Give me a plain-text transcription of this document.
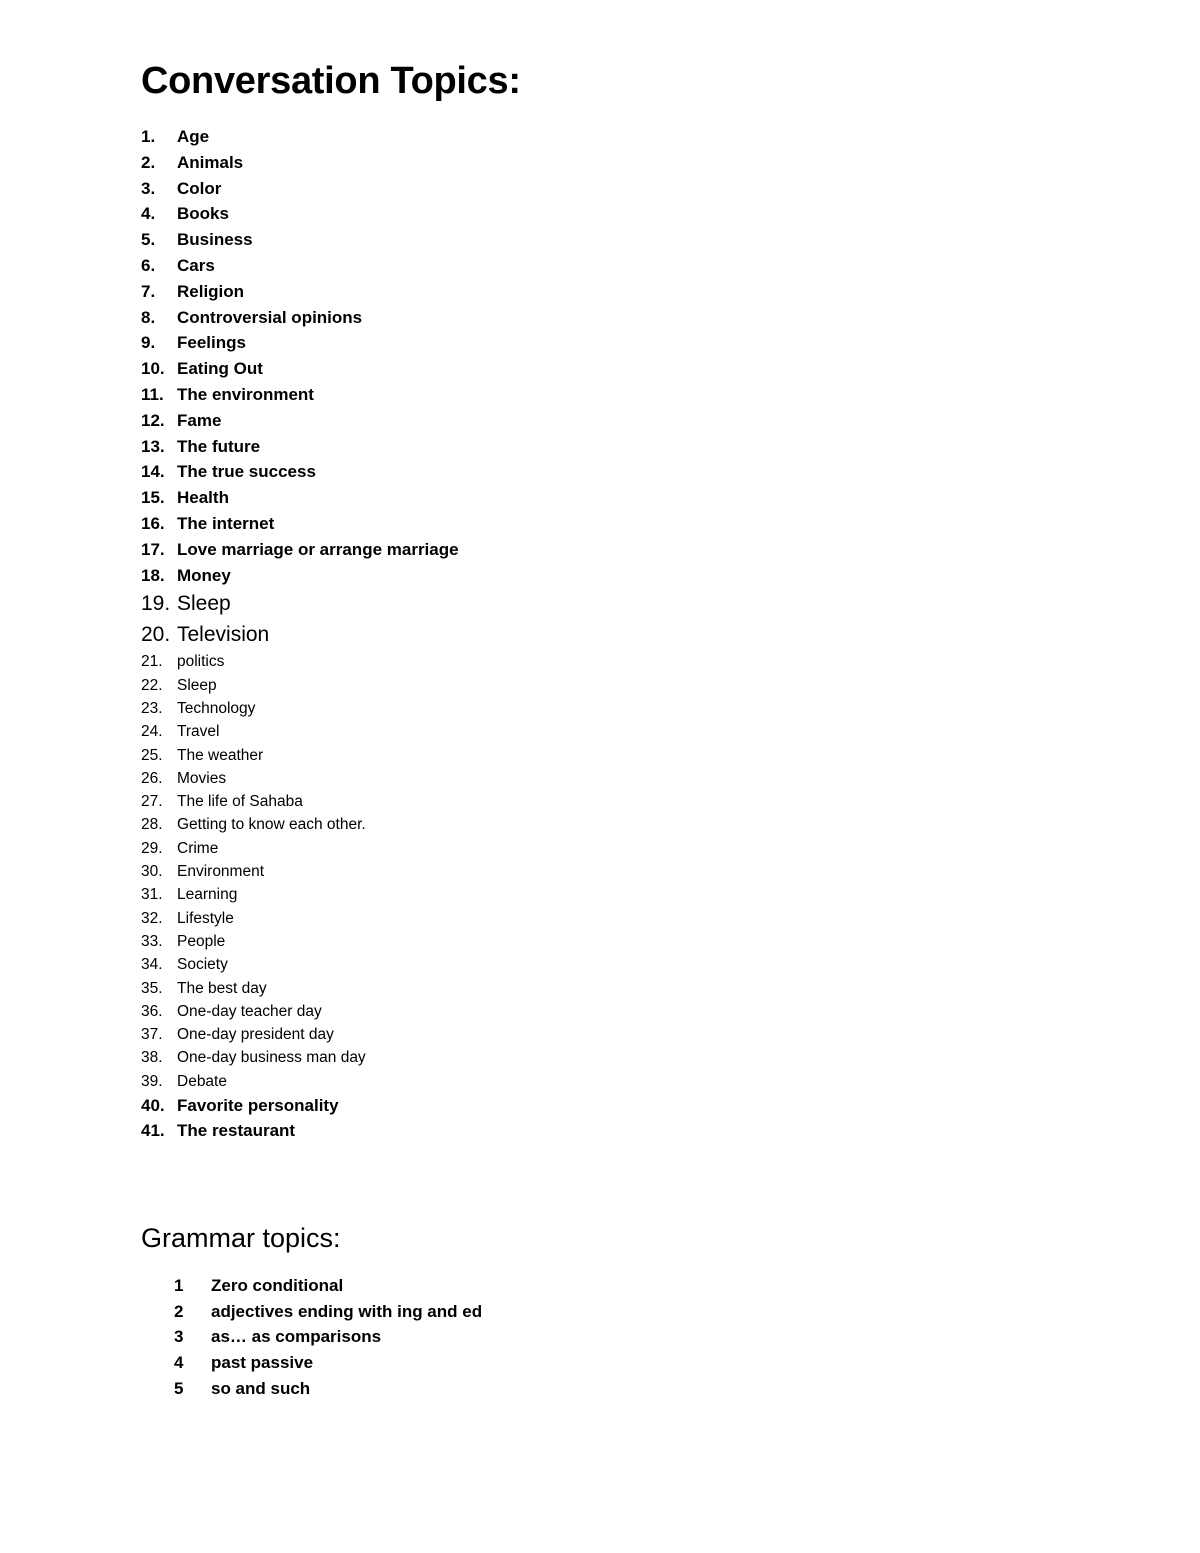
Conversation Topics:
1. Age
2. Animals
3. Color
4. Books
5. Business
6. Cars
7. Religion
8. Controversial opinions
9. Feelings
10. Eating Out
11. The environment
12. Fame
13. The future
14. The true success
15. Health
16. The internet
17. Love marriage or arrange marriage
18. Money
19. Sleep
20. Television
21. politics
22. Sleep
23. Technology
24. Travel
25. The weather
26. Movies
27. The life of Sahaba
28. Getting to know each other.
29. Crime
30. Environment
31. Learning
32. Lifestyle
33. People
34. Society
35. The best day
36. One-day teacher day
37. One-day president day
38. One-day business man day
39. Debate
40. Favorite personality
41. The restaurant
Grammar topics:
1 Zero conditional
2 adjectives ending with ing and ed
3 as… as comparisons
4 past passive
5 so and such
